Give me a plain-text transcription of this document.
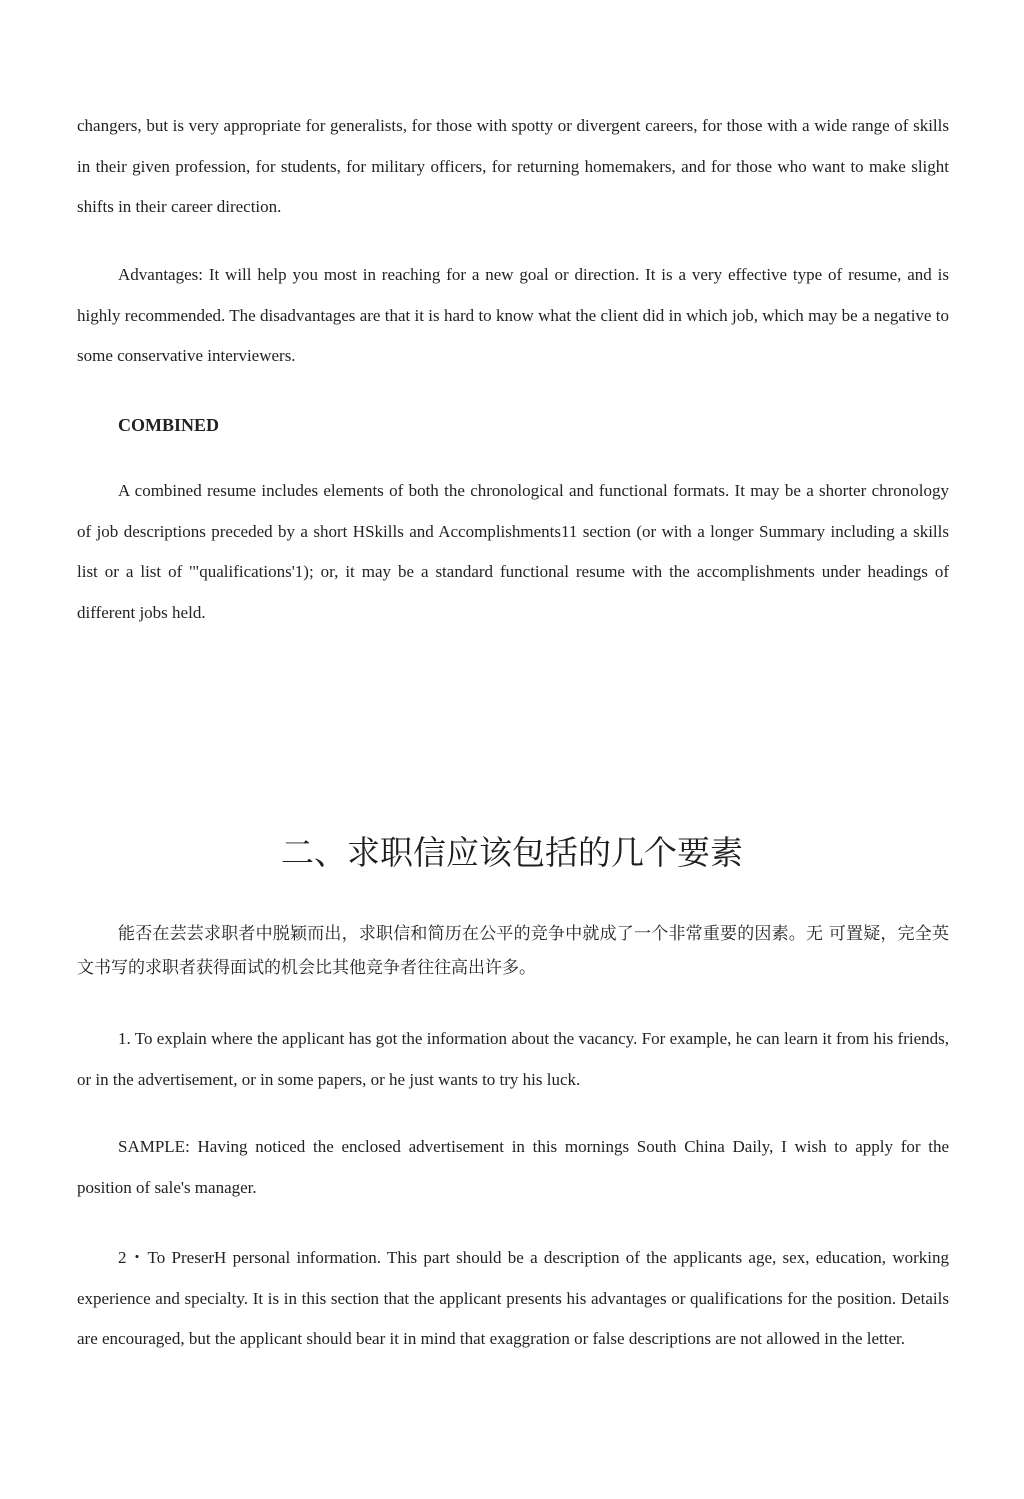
changers, but is very appropriate for generalists, for those with spotty or divergent careers, for those with a wide range of skills in their given profession, for students, for military officers, for returning homemakers, and for those who want to make slight shifts in their career direction.

Advantages: It will help you most in reaching for a new goal or direction. It is a very effective type of resume, and is highly recommended. The disadvantages are that it is hard to know what the client did in which job, which may be a negative to some conservative interviewers.

COMBINED

A combined resume includes elements of both the chronological and functional formats. It may be a shorter chronology of job descriptions preceded by a short HSkills and Accomplishments11 section (or with a longer Summary including a skills list or a list of '"qualifications'1); or, it may be a standard functional resume with the accomplishments under headings of different jobs held.

二、求职信应该包括的几个要素

能否在芸芸求职者中脱颖而出，求职信和简历在公平的竞争中就成了一个非常重要的因素。无 可置疑，完全英文书写的求职者获得面试的机会比其他竞争者往往高出许多。

1. To explain where the applicant has got the information about the vacancy. For example, he can learn it from his friends, or in the advertisement, or in some papers, or he just wants to try his luck.

SAMPLE: Having noticed the enclosed advertisement in this mornings South China Daily, I wish to apply for the position of sale's manager.

2・To PreserH personal information. This part should be a description of the applicants age, sex, education, working experience and specialty. It is in this section that the applicant presents his advantages or qualifications for the position. Details are encouraged, but the applicant should bear it in mind that exaggration or false descriptions are not allowed in the letter.
